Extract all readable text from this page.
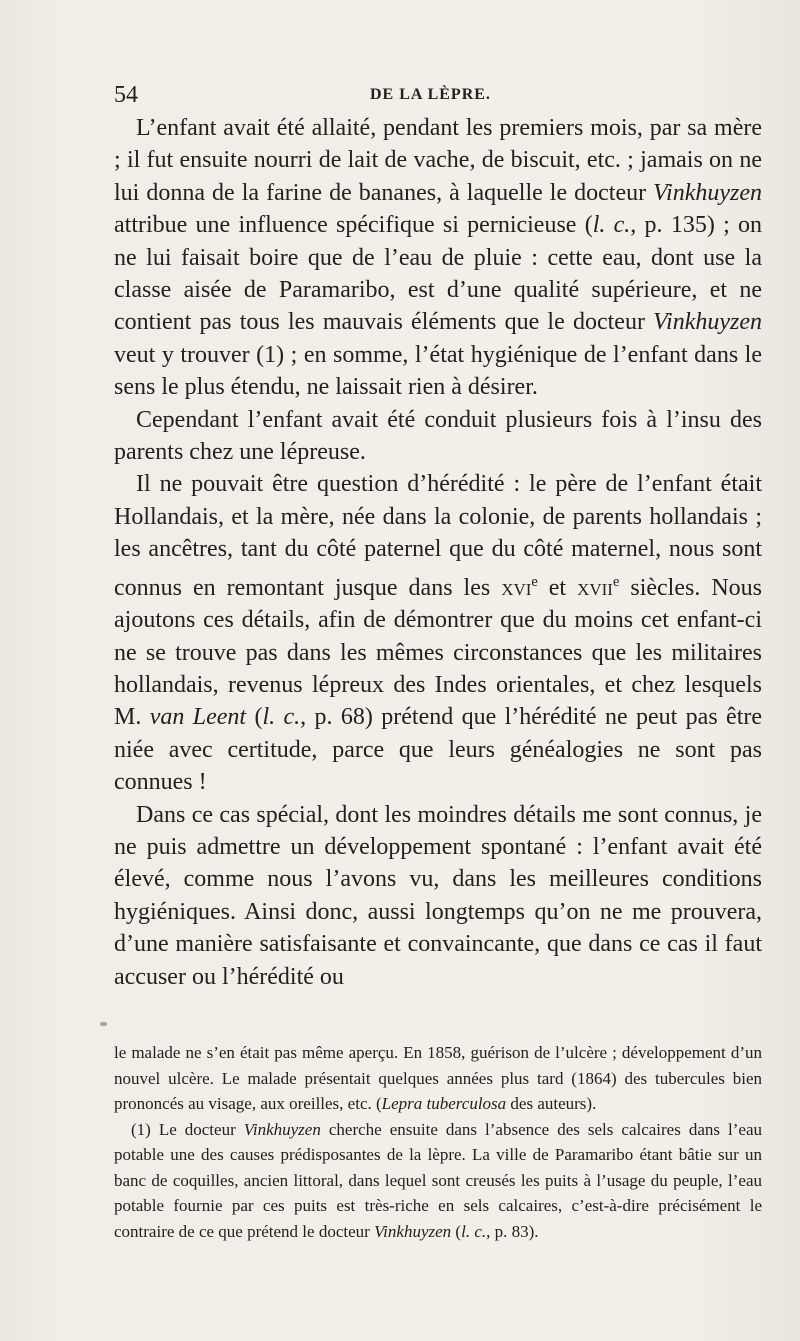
54	DE LA LÈPRE.

L’enfant avait été allaité, pendant les premiers mois, par sa mère ; il fut ensuite nourri de lait de vache, de biscuit, etc. ; jamais on ne lui donna de la farine de bananes, à laquelle le docteur Vinkhuyzen attribue une influence spécifique si pernicieuse (l. c., p. 135) ; on ne lui faisait boire que de l’eau de pluie : cette eau, dont use la classe aisée de Paramaribo, est d’une qualité supérieure, et ne contient pas tous les mauvais éléments que le docteur Vinkhuyzen veut y trouver (1) ; en somme, l’état hygiénique de l’enfant dans le sens le plus étendu, ne laissait rien à désirer.

Cependant l’enfant avait été conduit plusieurs fois à l’insu des parents chez une lépreuse.

Il ne pouvait être question d’hérédité : le père de l’enfant était Hollandais, et la mère, née dans la colonie, de parents hollandais ; les ancêtres, tant du côté paternel que du côté maternel, nous sont connus en remontant jusque dans les xvi$^e$ et xvii$^e$ siècles. Nous ajoutons ces détails, afin de démontrer que du moins cet enfant-ci ne se trouve pas dans les mêmes circonstances que les militaires hollandais, revenus lépreux des Indes orientales, et chez lesquels M. van Leent (l. c., p. 68) prétend que l’hérédité ne peut pas être niée avec certitude, parce que leurs généalogies ne sont pas connues !

Dans ce cas spécial, dont les moindres détails me sont connus, je ne puis admettre un développement spontané : l’enfant avait été élevé, comme nous l’avons vu, dans les meilleures conditions hygiéniques. Ainsi donc, aussi longtemps qu’on ne me prouvera, d’une manière satisfaisante et convaincante, que dans ce cas il faut accuser ou l’hérédité ou

le malade ne s’en était pas même aperçu. En 1858, guérison de l’ulcère ; développement d’un nouvel ulcère. Le malade présentait quelques années plus tard (1864) des tubercules bien prononcés au visage, aux oreilles, etc. (Lepra tuberculosa des auteurs).

(1) Le docteur Vinkhuyzen cherche ensuite dans l’absence des sels calcaires dans l’eau potable une des causes prédisposantes de la lèpre. La ville de Paramaribo étant bâtie sur un banc de coquilles, ancien littoral, dans lequel sont creusés les puits à l’usage du peuple, l’eau potable fournie par ces puits est très-riche en sels calcaires, c’est-à-dire précisément le contraire de ce que prétend le docteur Vinkhuyzen (l. c., p. 83).
